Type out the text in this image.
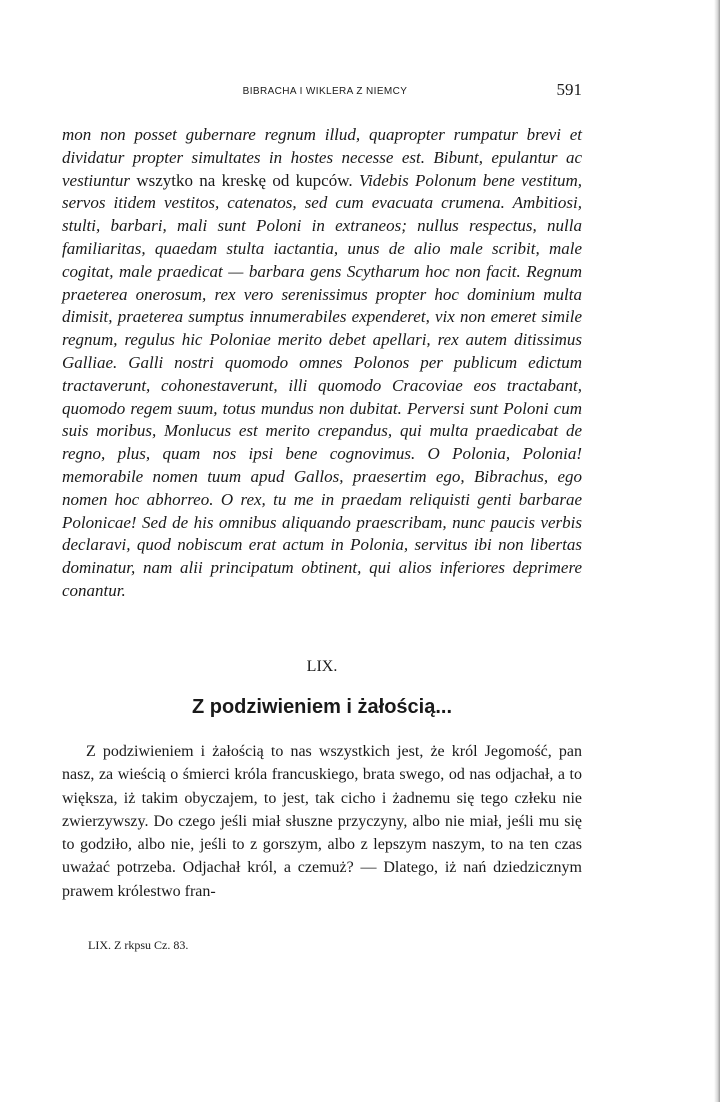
BIBRACHA I WIKLERA Z NIEMCY	591

mon non posset gubernare regnum illud, quapropter rumpatur brevi et dividatur propter simultates in hostes necesse est. Bibunt, epulantur ac vestiuntur wszytko na kreskę od kupców. Videbis Polonum bene vestitum, servos itidem vestitos, catenatos, sed cum evacuata crumena. Ambitiosi, stulti, barbari, mali sunt Poloni in extraneos; nullus respectus, nulla familiaritas, quaedam stulta iactantia, unus de alio male scribit, male cogitat, male praedicat — barbara gens Scytharum hoc non facit. Regnum praeterea onerosum, rex vero serenissimus propter hoc dominium multa dimisit, praeterea sumptus innumerabiles expenderet, vix non emeret simile regnum, regulus hic Poloniae merito debet apellari, rex autem ditissimus Galliae. Galli nostri quomodo omnes Polonos per publicum edictum tractaverunt, cohonestaverunt, illi quomodo Cracoviae eos tractabant, quomodo regem suum, totus mundus non dubitat. Perversi sunt Poloni cum suis moribus, Monlucus est merito crepandus, qui multa praedicabat de regno, plus, quam nos ipsi bene cognovimus. O Polonia, Polonia! memorabile nomen tuum apud Gallos, praesertim ego, Bibrachus, ego nomen hoc abhorreo. O rex, tu me in praedam reliquisti genti barbarae Polonicae! Sed de his omnibus aliquando praescribam, nunc paucis verbis declaravi, quod nobiscum erat actum in Polonia, servitus ibi non libertas dominatur, nam alii principatum obtinent, qui alios inferiores deprimere conantur.

LIX.
Z podziwieniem i żałością...

Z podziwieniem i żałością to nas wszystkich jest, że król Jegomość, pan nasz, za wieścią o śmierci króla francuskiego, brata swego, od nas odjachał, a to większa, iż takim obyczajem, to jest, tak cicho i żadnemu się tego człeku nie zwierzywszy. Do czego jeśli miał słuszne przyczyny, albo nie miał, jeśli mu się to godziło, albo nie, jeśli to z gorszym, albo z lepszym naszym, to na ten czas uważać potrzeba. Odjachał król, a czemuż? — Dlatego, iż nań dziedzicznym prawem królestwo fran-

LIX. Z rkpsu Cz. 83.
